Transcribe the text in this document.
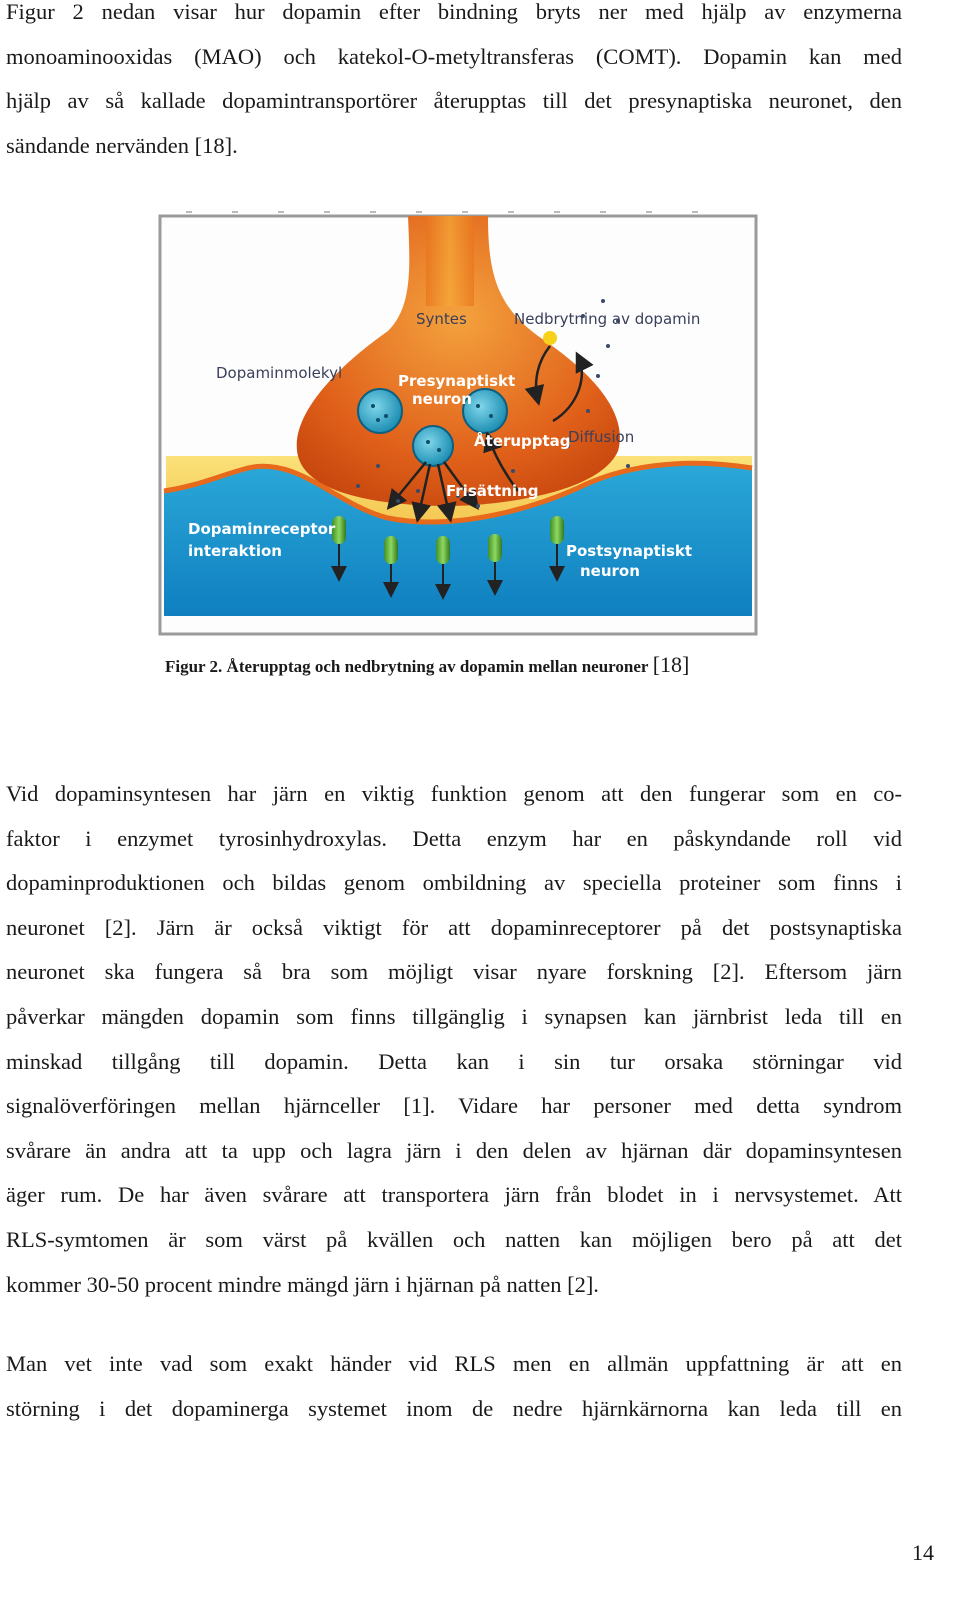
Figur 2 nedan visar hur dopamin efter bindning bryts ner med hjälp av enzymerna
monoaminooxidas (MAO) och katekol-O-metyltransferas (COMT). Dopamin kan med
hjälp av så kallade dopamintransportörer återupptas till det presynaptiska neuronet, den
sändande nervänden [18].
Syntes	Nedbrytning av dopamin
Dopaminmolekyl	Presynaptiskt
neuron
Återupptag
Diffusion
Frisättning
Dopaminreceptor
interaktion	Postsynaptiskt
neuron
Figur 2. Återupptag och nedbrytning av dopamin mellan neuroner [18]
Vid dopaminsyntesen har järn en viktig funktion genom att den fungerar som en co-
faktor i enzymet tyrosinhydroxylas. Detta enzym har en påskyndande roll vid
dopaminproduktionen och bildas genom ombildning av speciella proteiner som finns i
neuronet [2]. Järn är också viktigt för att dopaminreceptorer på det postsynaptiska
neuronet ska fungera så bra som möjligt visar nyare forskning [2]. Eftersom järn
påverkar mängden dopamin som finns tillgänglig i synapsen kan järnbrist leda till en
minskad tillgång till dopamin. Detta kan i sin tur orsaka störningar vid
signalöverföringen mellan hjärnceller [1]. Vidare har personer med detta syndrom
svårare än andra att ta upp och lagra järn i den delen av hjärnan där dopaminsyntesen
äger rum. De har även svårare att transportera järn från blodet in i nervsystemet. Att
RLS-symtomen är som värst på kvällen och natten kan möjligen bero på att det
kommer 30-50 procent mindre mängd järn i hjärnan på natten [2].
Man vet inte vad som exakt händer vid RLS men en allmän uppfattning är att en
störning i det dopaminerga systemet inom de nedre hjärnkärnorna kan leda till en
14
